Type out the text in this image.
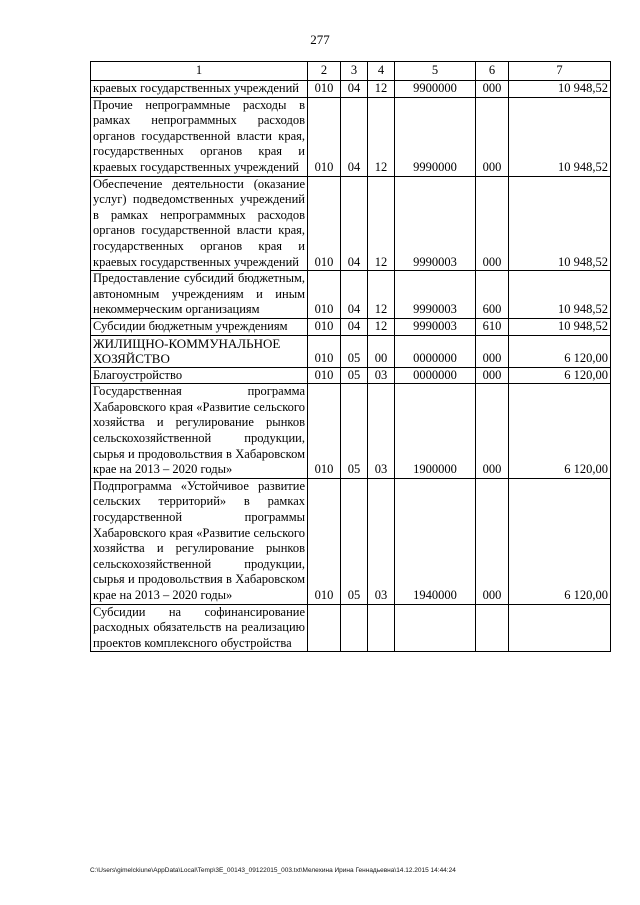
277
1	2	3	4	5	6	7
краевых государственных учреждений	010	04	12	9900000	000	10 948,52
Прочие непрограммные расходы в рамках непрограммных расходов органов государственной власти края, государственных органов края и краевых государственных учреждений	010	04	12	9990000	000	10 948,52
Обеспечение деятельности (оказание услуг) подведомственных учреждений в рамках непрограммных расходов органов государственной власти края, государственных органов края и краевых государственных учреждений	010	04	12	9990003	000	10 948,52
Предоставление субсидий бюджетным, автономным учреждениям и иным некоммерческим организациям	010	04	12	9990003	600	10 948,52
Субсидии бюджетным учреждениям	010	04	12	9990003	610	10 948,52
ЖИЛИЩНО-КОММУНАЛЬНОЕ ХОЗЯЙСТВО	010	05	00	0000000	000	6 120,00
Благоустройство	010	05	03	0000000	000	6 120,00
Государственная программа Хабаровского края «Развитие сельского хозяйства и регулирование рынков сельскохозяйственной продукции, сырья и продовольствия в Хабаровском крае на 2013 – 2020 годы»	010	05	03	1900000	000	6 120,00
Подпрограмма «Устойчивое развитие сельских территорий» в рамках государственной программы Хабаровского края «Развитие сельского хозяйства и регулирование рынков сельскохозяйственной продукции, сырья и продовольствия в Хабаровском крае на 2013 – 2020 годы»	010	05	03	1940000	000	6 120,00
Субсидии на софинансирование расходных обязательств на реализацию проектов комплексного обустройства						
C:\Users\gimelckiune\AppData\Local\Temp\3E_00143_09122015_003.txt\Мелехина Ирина Геннадьевна\14.12.2015 14:44:24
